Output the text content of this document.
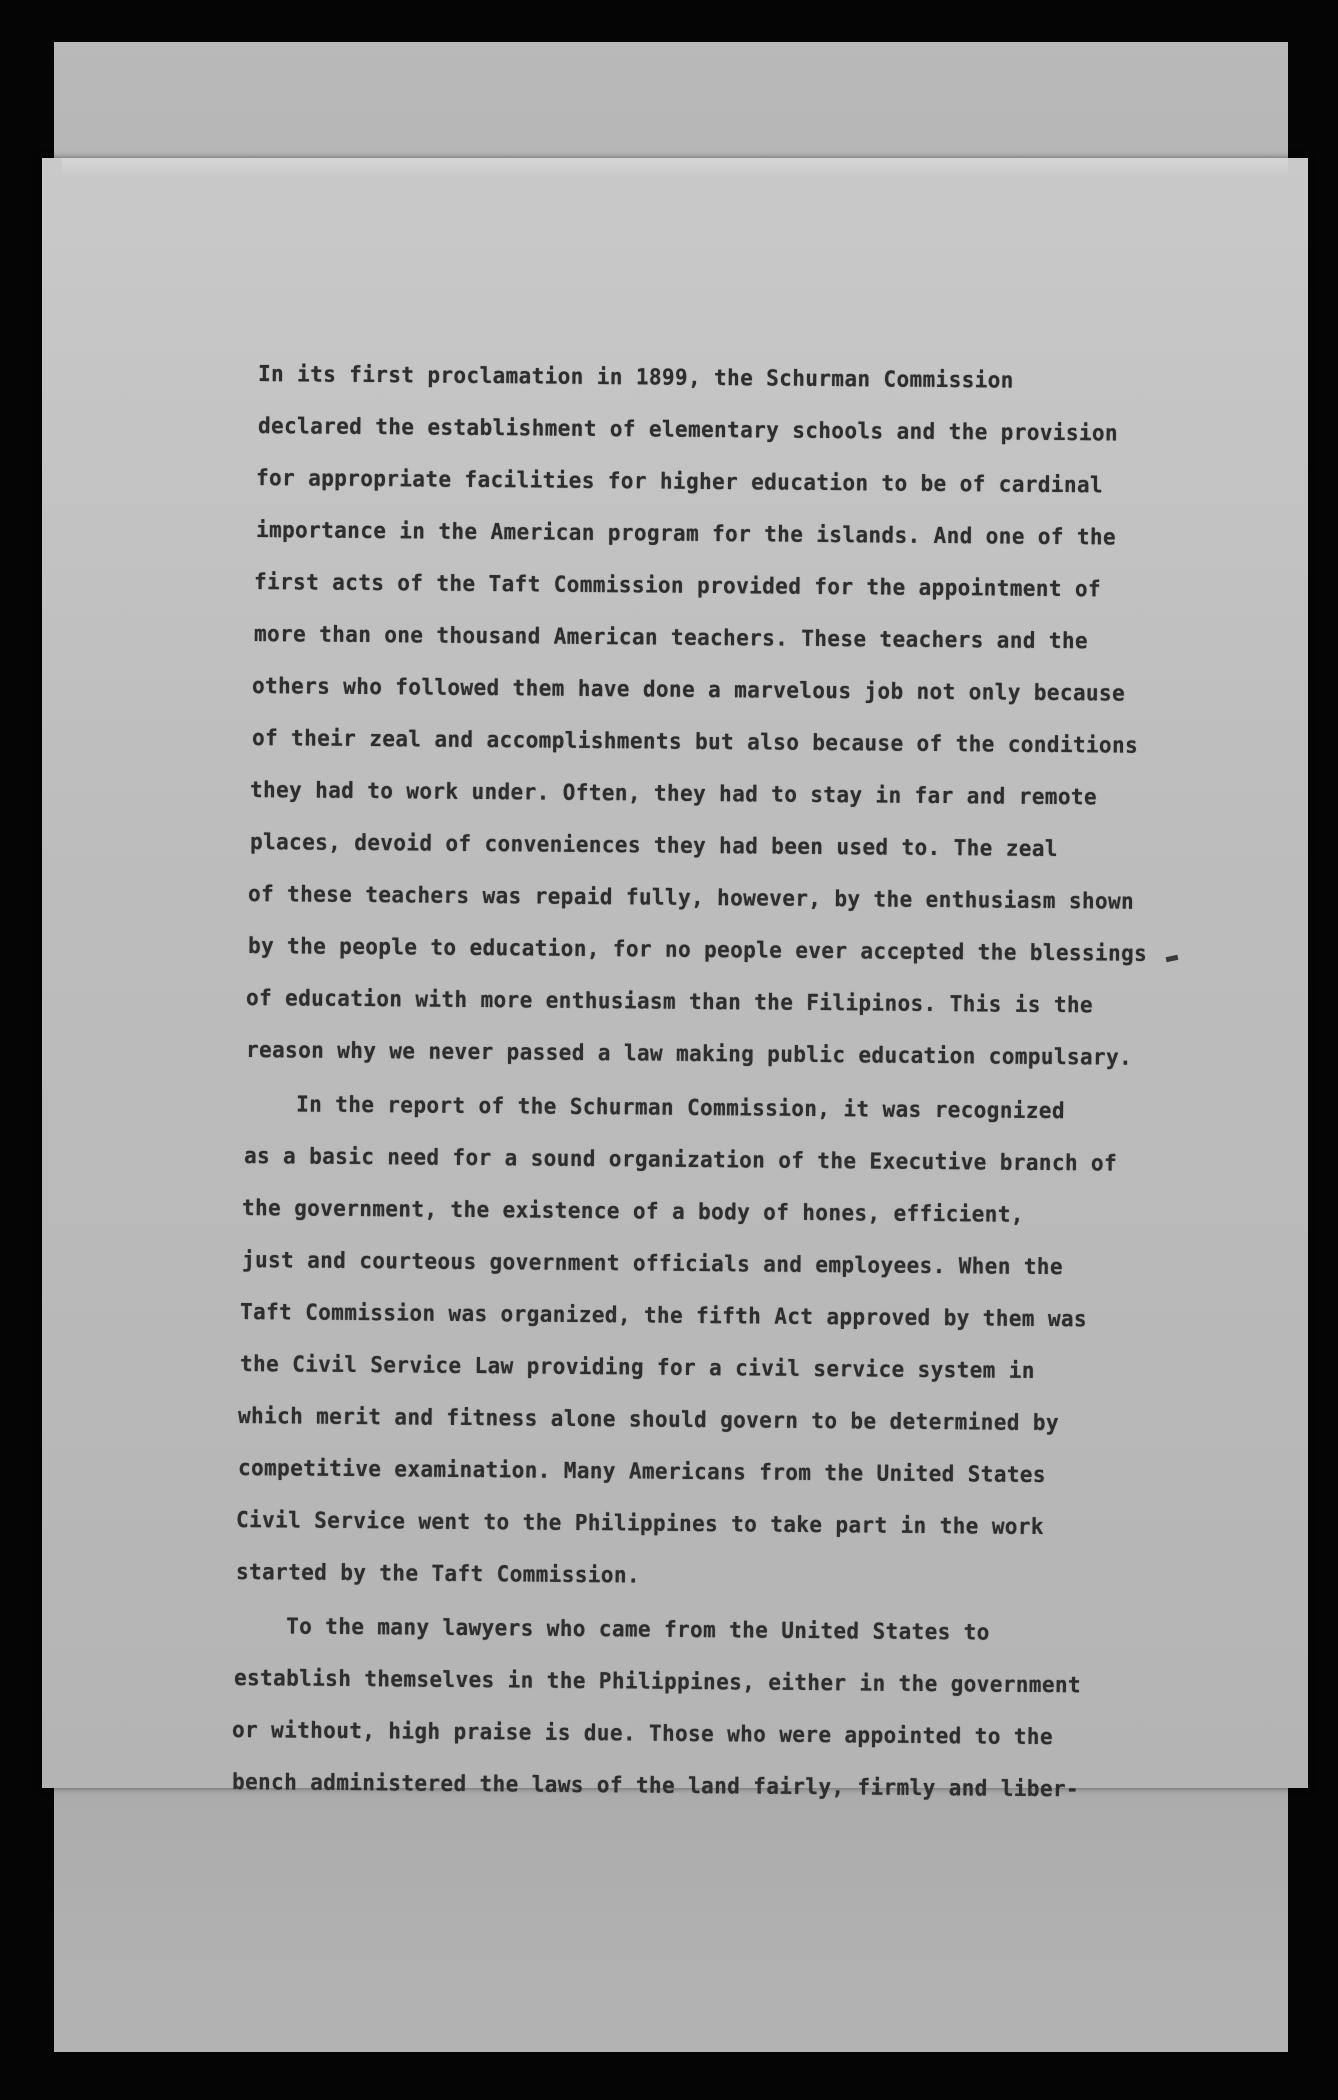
In its first proclamation in 1899, the Schurman Commission
declared the establishment of elementary schools and the provision
for appropriate facilities for higher education to be of cardinal
importance in the American program for the islands. And one of the
first acts of the Taft Commission provided for the appointment of
more than one thousand American teachers. These teachers and the
others who followed them have done a marvelous job not only because
of their zeal and accomplishments but also because of the conditions
they had to work under. Often, they had to stay in far and remote
places, devoid of conveniences they had been used to. The zeal
of these teachers was repaid fully, however, by the enthusiasm shown
by the people to education, for no people ever accepted the blessings
of education with more enthusiasm than the Filipinos. This is the
reason why we never passed a law making public education compulsary.
In the report of the Schurman Commission, it was recognized
as a basic need for a sound organization of the Executive branch of
the government, the existence of a body of hones, efficient,
just and courteous government officials and employees. When the
Taft Commission was organized, the fifth Act approved by them was
the Civil Service Law providing for a civil service system in
which merit and fitness alone should govern to be determined by
competitive examination. Many Americans from the United States
Civil Service went to the Philippines to take part in the work
started by the Taft Commission.
To the many lawyers who came from the United States to
establish themselves in the Philippines, either in the government
or without, high praise is due. Those who were appointed to the
bench administered the laws of the land fairly, firmly and liber-
